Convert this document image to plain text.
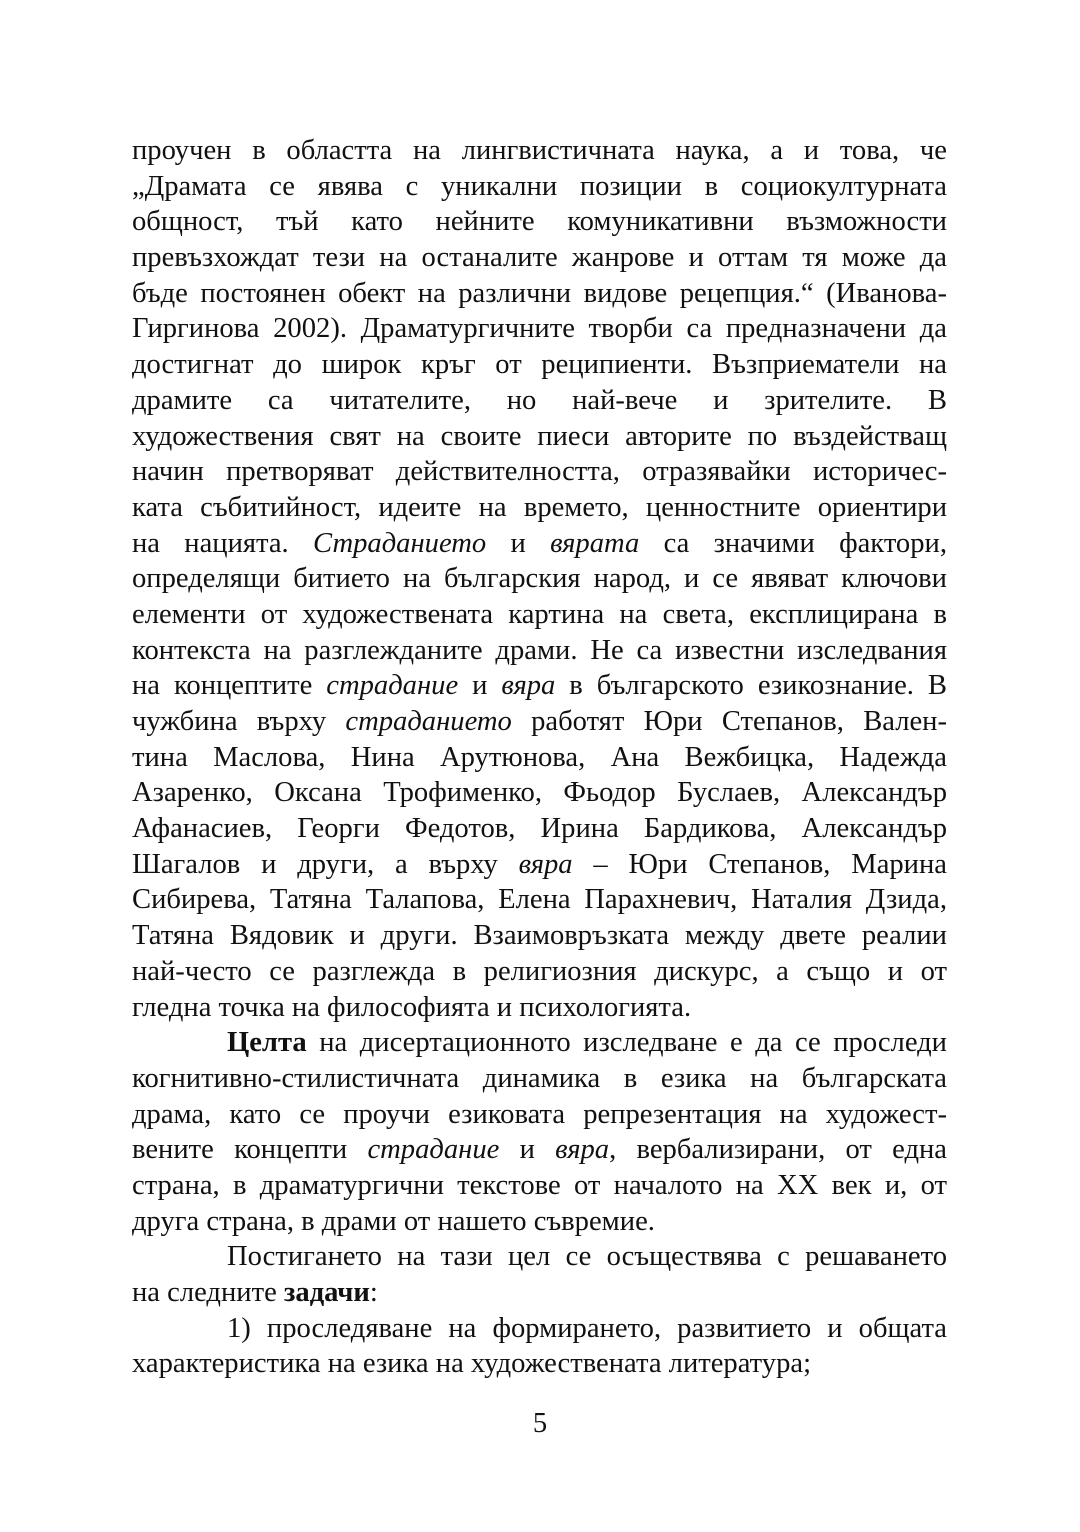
проучен в областта на лингвистичната наука, а и това, че
„Драмата се явява с уникални позиции в социокултурната
общност, тъй като нейните комуникативни възможности
превъзхождат тези на останалите жанрове и оттам тя може да
бъде постоянен обект на различни видове рецепция.“ (Иванова-
Гиргинова 2002). Драматургичните творби са предназначени да
достигнат до широк кръг от реципиенти. Възприематели на
драмите са читателите, но най-вече и зрителите. В
художествения свят на своите пиеси авторите по въздействащ
начин претворяват действителността, отразявайки историчес-
ката събитийност, идеите на времето, ценностните ориентири
на нацията. Страданието и вярата са значими фактори,
определящи битието на българския народ, и се явяват ключови
елементи от художествената картина на света, експлицирана в
контекста на разглежданите драми. Не са известни изследвания
на концептите страдание и вяра в българското езикознание. В
чужбина върху страданието работят Юри Степанов, Вален-
тина Маслова, Нина Арутюнова, Ана Вежбицка, Надежда
Азаренко, Оксана Трофименко, Фьодор Буслаев, Александър
Афанасиев, Георги Федотов, Ирина Бардикова, Александър
Шагалов и други, а върху вяра – Юри Степанов, Марина
Сибирева, Татяна Талапова, Елена Парахневич, Наталия Дзида,
Татяна Вядовик и други. Взаимовръзката между двете реалии
най-често се разглежда в религиозния дискурс, а също и от
гледна точка на философията и психологията.
Целта на дисертационното изследване е да се проследи
когнитивно-стилистичната динамика в езика на българската
драма, като се проучи езиковата репрезентация на художест-
вените концепти страдание и вяра, вербализирани, от една
страна, в драматургични текстове от началото на ХХ век и, от
друга страна, в драми от нашето съвремие.
Постигането на тази цел се осъществява с решаването
на следните задачи:
1) проследяване на формирането, развитието и общата
характеристика на езика на художествената литература;
5
